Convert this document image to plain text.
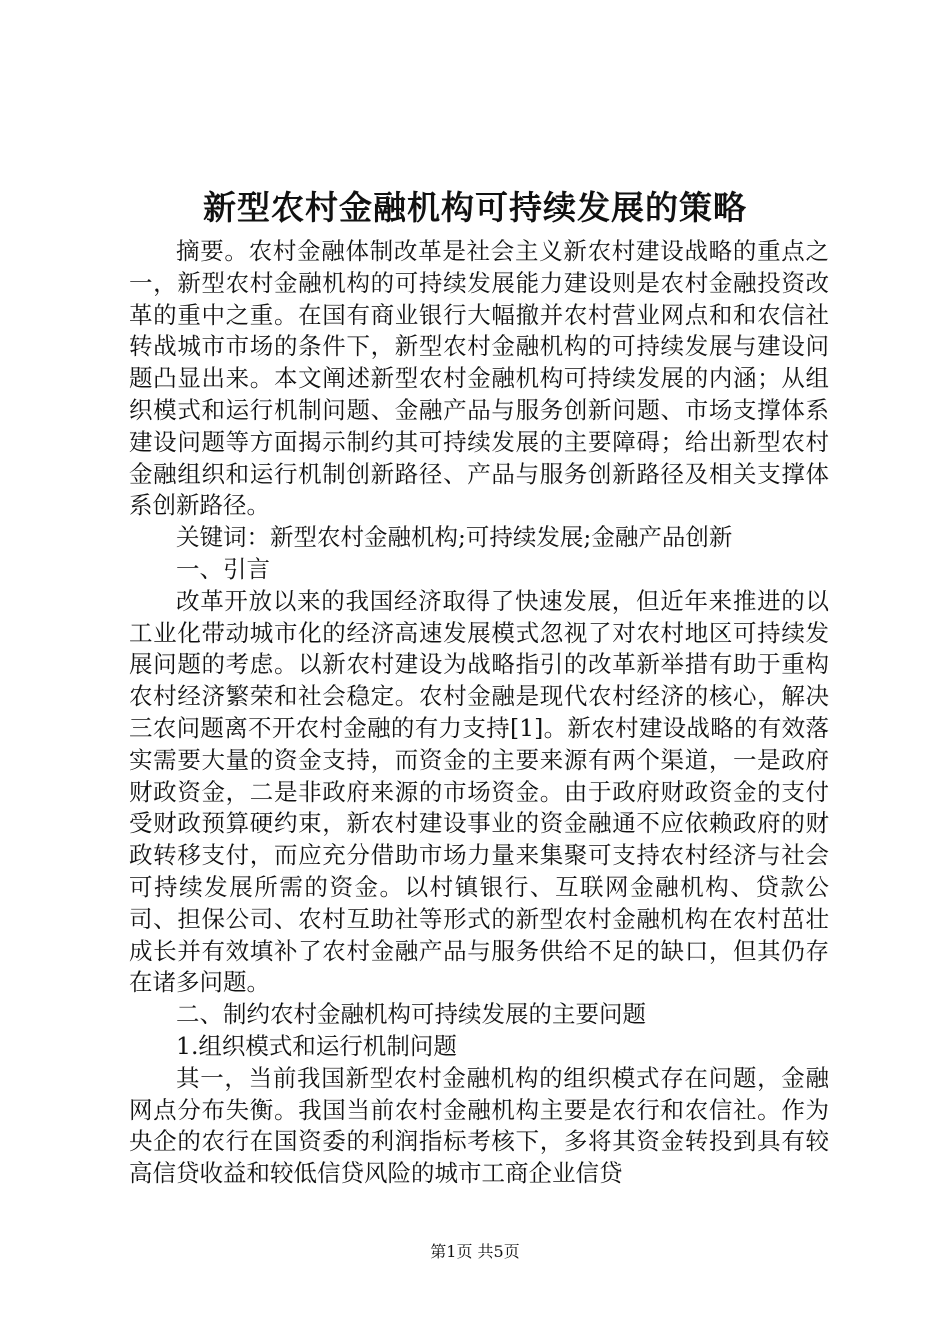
新型农村金融机构可持续发展的策略

摘要。农村金融体制改革是社会主义新农村建设战略的重点之一，新型农村金融机构的可持续发展能力建设则是农村金融投资改革的重中之重。在国有商业银行大幅撤并农村营业网点和和农信社转战城市市场的条件下，新型农村金融机构的可持续发展与建设问题凸显出来。本文阐述新型农村金融机构可持续发展的内涵；从组织模式和运行机制问题、金融产品与服务创新问题、市场支撑体系建设问题等方面揭示制约其可持续发展的主要障碍；给出新型农村金融组织和运行机制创新路径、产品与服务创新路径及相关支撑体系创新路径。

关键词：新型农村金融机构;可持续发展;金融产品创新

一、引言

改革开放以来的我国经济取得了快速发展，但近年来推进的以工业化带动城市化的经济高速发展模式忽视了对农村地区可持续发展问题的考虑。以新农村建设为战略指引的改革新举措有助于重构农村经济繁荣和社会稳定。农村金融是现代农村经济的核心，解决三农问题离不开农村金融的有力支持[1]。新农村建设战略的有效落实需要大量的资金支持，而资金的主要来源有两个渠道，一是政府财政资金，二是非政府来源的市场资金。由于政府财政资金的支付受财政预算硬约束，新农村建设事业的资金融通不应依赖政府的财政转移支付，而应充分借助市场力量来集聚可支持农村经济与社会可持续发展所需的资金。以村镇银行、互联网金融机构、贷款公司、担保公司、农村互助社等形式的新型农村金融机构在农村茁壮成长并有效填补了农村金融产品与服务供给不足的缺口，但其仍存在诸多问题。

二、制约农村金融机构可持续发展的主要问题

1.组织模式和运行机制问题

其一，当前我国新型农村金融机构的组织模式存在问题，金融网点分布失衡。我国当前农村金融机构主要是农行和农信社。作为央企的农行在国资委的利润指标考核下，多将其资金转投到具有较高信贷收益和较低信贷风险的城市工商企业信贷

第1页 共5页
